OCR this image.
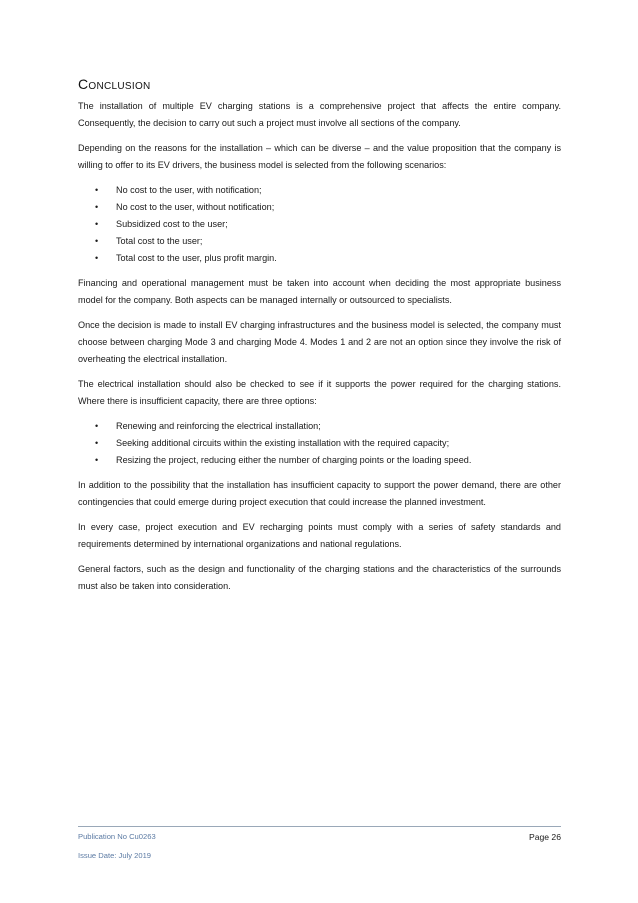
Conclusion

The installation of multiple EV charging stations is a comprehensive project that affects the entire company. Consequently, the decision to carry out such a project must involve all sections of the company.

Depending on the reasons for the installation – which can be diverse – and the value proposition that the company is willing to offer to its EV drivers, the business model is selected from the following scenarios:

• No cost to the user, with notification;
• No cost to the user, without notification;
• Subsidized cost to the user;
• Total cost to the user;
• Total cost to the user, plus profit margin.

Financing and operational management must be taken into account when deciding the most appropriate business model for the company. Both aspects can be managed internally or outsourced to specialists.

Once the decision is made to install EV charging infrastructures and the business model is selected, the company must choose between charging Mode 3 and charging Mode 4. Modes 1 and 2 are not an option since they involve the risk of overheating the electrical installation.

The electrical installation should also be checked to see if it supports the power required for the charging stations. Where there is insufficient capacity, there are three options:

• Renewing and reinforcing the electrical installation;
• Seeking additional circuits within the existing installation with the required capacity;
• Resizing the project, reducing either the number of charging points or the loading speed.

In addition to the possibility that the installation has insufficient capacity to support the power demand, there are other contingencies that could emerge during project execution that could increase the planned investment.

In every case, project execution and EV recharging points must comply with a series of safety standards and requirements determined by international organizations and national regulations.

General factors, such as the design and functionality of the charging stations and the characteristics of the surrounds must also be taken into consideration.

Publication No Cu0263	Page 26
Issue Date: July 2019
